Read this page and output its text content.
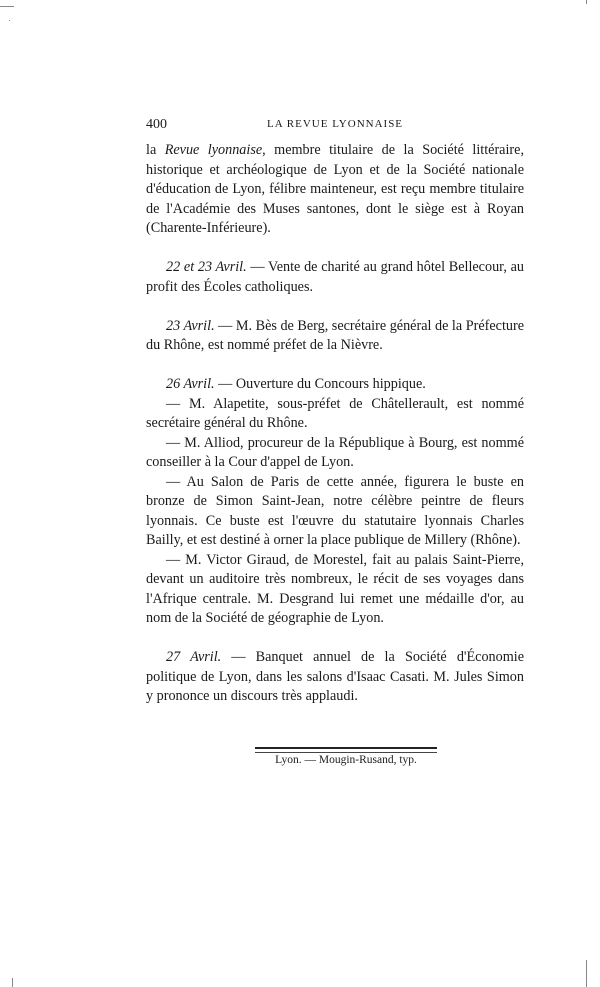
400	LA REVUE LYONNAISE

la Revue lyonnaise, membre titulaire de la Société littéraire, historique et archéologique de Lyon et de la Société nationale d'éducation de Lyon, félibre mainteneur, est reçu membre titulaire de l'Académie des Muses santones, dont le siège est à Royan (Charente-Inférieure).

22 et 23 Avril. — Vente de charité au grand hôtel Bellecour, au profit des Écoles catholiques.

23 Avril. — M. Bès de Berg, secrétaire général de la Préfecture du Rhône, est nommé préfet de la Nièvre.

26 Avril. — Ouverture du Concours hippique.

— M. Alapetite, sous-préfet de Châtellerault, est nommé secrétaire général du Rhône.

— M. Alliod, procureur de la République à Bourg, est nommé conseiller à la Cour d'appel de Lyon.

— Au Salon de Paris de cette année, figurera le buste en bronze de Simon Saint-Jean, notre célèbre peintre de fleurs lyonnais. Ce buste est l'œuvre du statutaire lyonnais Charles Bailly, et est destiné à orner la place publique de Millery (Rhône).

— M. Victor Giraud, de Morestel, fait au palais Saint-Pierre, devant un auditoire très nombreux, le récit de ses voyages dans l'Afrique centrale. M. Desgrand lui remet une médaille d'or, au nom de la Société de géographie de Lyon.

27 Avril. — Banquet annuel de la Société d'Économie politique de Lyon, dans les salons d'Isaac Casati. M. Jules Simon y prononce un discours très applaudi.

Lyon. — Mougin-Rusand, typ.
